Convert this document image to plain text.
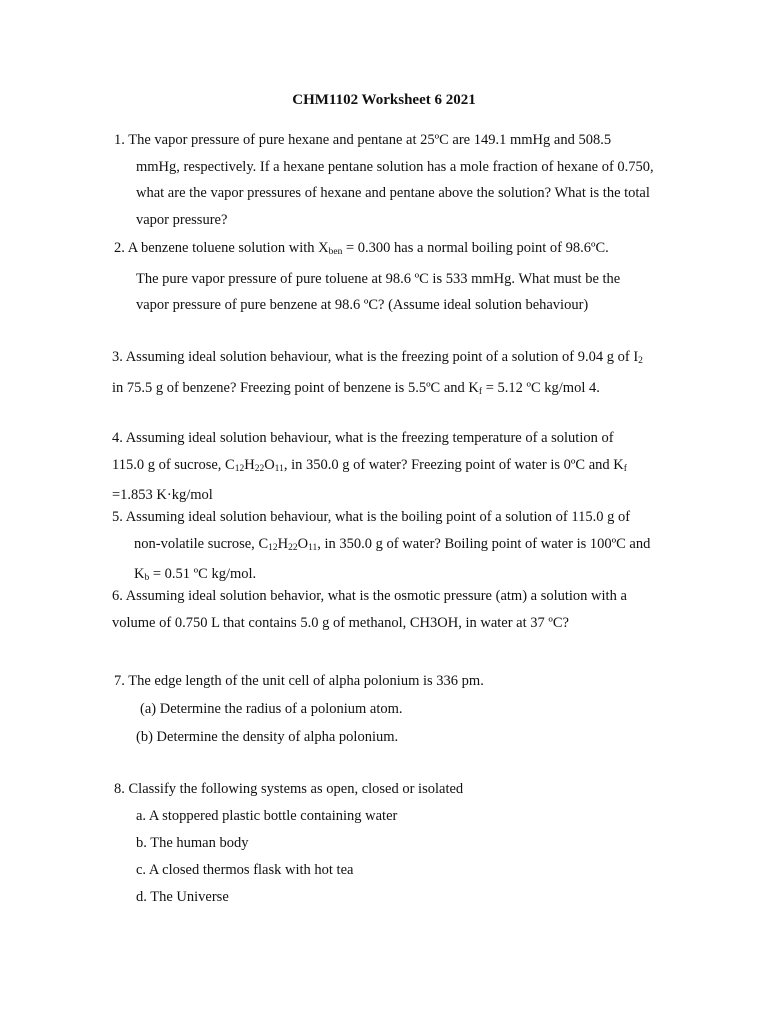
CHM1102 Worksheet 6 2021
1. The vapor pressure of pure hexane and pentane at 25ºC are 149.1 mmHg and 508.5
mmHg, respectively. If a hexane pentane solution has a mole fraction of hexane of 0.750,
what are the vapor pressures of hexane and pentane above the solution? What is the total
vapor pressure?
2. A benzene toluene solution with $X_{ben} = 0.300$ has a normal boiling point of 98.6ºC.
The pure vapor pressure of pure toluene at 98.6 ºC is 533 mmHg. What must be the
vapor pressure of pure benzene at 98.6 ºC? (Assume ideal solution behaviour)
3. Assuming ideal solution behaviour, what is the freezing point of a solution of 9.04 g of $I_2$
in 75.5 g of benzene? Freezing point of benzene is 5.5ºC and $K_f = 5.12$ ºC kg/mol 4.
4. Assuming ideal solution behaviour, what is the freezing temperature of a solution of
115.0 g of sucrose, $C_{12}H_{22}O_{11}$, in 350.0 g of water? Freezing point of water is 0ºC and $K_f$
=1.853 K·kg/mol
5. Assuming ideal solution behaviour, what is the boiling point of a solution of 115.0 g of
non-volatile sucrose, $C_{12}H_{22}O_{11}$, in 350.0 g of water? Boiling point of water is 100ºC and
$K_b = 0.51$ ºC kg/mol.
6. Assuming ideal solution behavior, what is the osmotic pressure (atm) a solution with a
volume of 0.750 L that contains 5.0 g of methanol, CH3OH, in water at 37 ºC?
7. The edge length of the unit cell of alpha polonium is 336 pm.
(a) Determine the radius of a polonium atom.
(b) Determine the density of alpha polonium.
8. Classify the following systems as open, closed or isolated
a. A stoppered plastic bottle containing water
b. The human body
c. A closed thermos flask with hot tea
d. The Universe
